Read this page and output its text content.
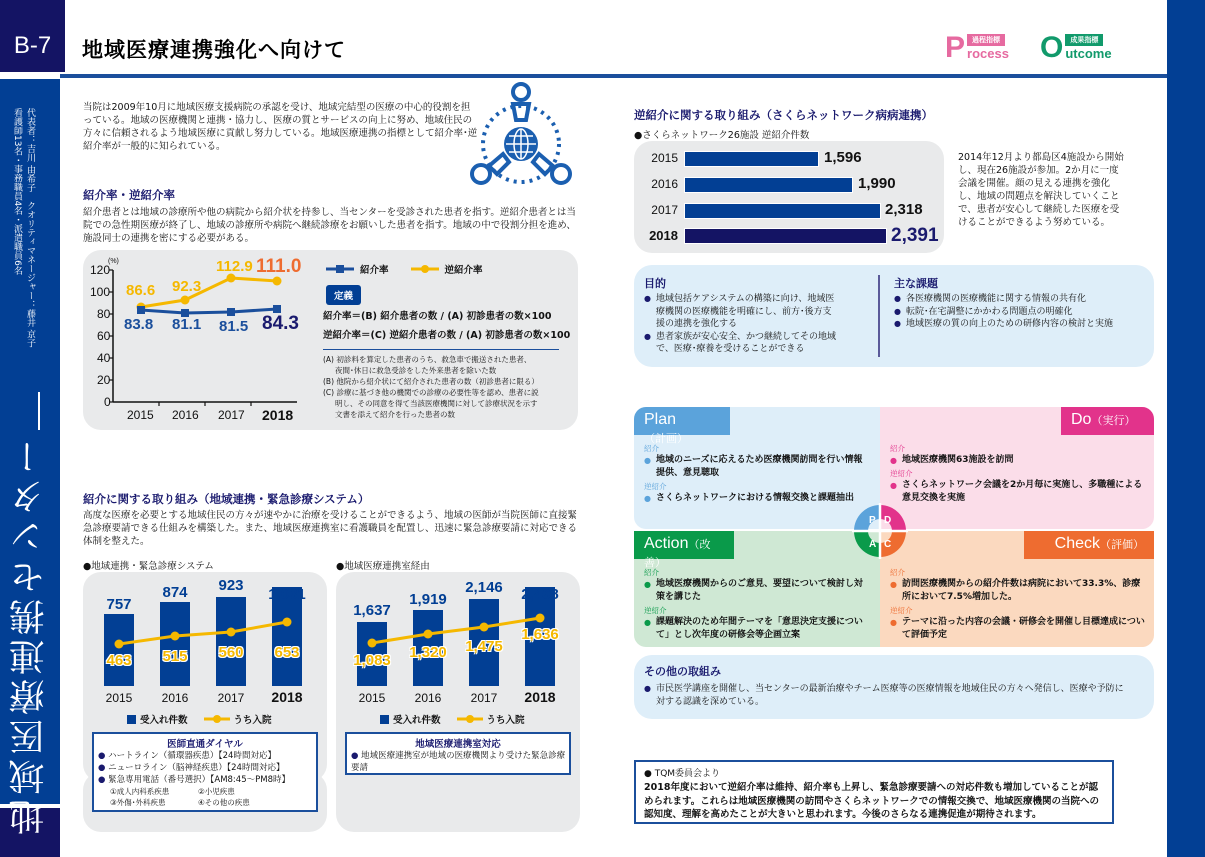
B-7
代表者：吉川 由希子　クオリティマネージャー：藤井 京子
看護師13名・事務職員4名・派遣職員6名
地域医療連携センター
地域医療連携強化へ向けて	P	過程指標
rocess O	成果指標
utcome
当院は2009年10月に地域医療支援病院の承認を受け、地域完結型の医療の中心的役割を担っている。地域の医療機関と連携・協力し、医療の質とサービスの向上に努め、地域住民の方々に信頼されるよう地域医療に貢献し努力している。地域医療連携の指標として紹介率･逆紹介率が一般的に知られている。
紹介率・逆紹介率
紹介患者とは地域の診療所や他の病院から紹介状を持参し、当センターを受診された患者を指す。逆紹介患者とは当院での急性期医療が終了し、地域の診療所や病院へ継続診療をお願いした患者を指す。地域の中で役割分担を進め、施設同士の連携を密にする必要がある。
(%)
120
100
80
60
40
20
0
2015 2016 2017 2018
86.6 92.3
112.9 111.0
83.8 81.1 81.5 84.3
紹介率	逆紹介率
定義
紹介率＝(B) 紹介患者の数 / (A) 初診患者の数×100
逆紹介率＝(C) 逆紹介患者の数 / (A) 初診患者の数×100
(A) 初診料を算定した患者のうち、救急車で搬送された患者、
夜間･休日に救急受診をした外来患者を除いた数
(B) 他院から紹介状にて紹介された患者の数（初診患者に限る）
(C) 診療に基づき他の機関での診療の必要性等を認め、患者に説
明し、その同意を得て当該医療機関に対して診療状況を示す
文書を添えて紹介を行った患者の数
紹介に関する取り組み（地域連携・緊急診療システム）
高度な医療を必要とする地域住民の方々が速やかに治療を受けることができるよう、地域の医師が当院医師に直接緊急診療要請できる仕組みを構築した。また、地域医療連携室に看護職員を配置し、迅速に緊急診療要請に対応できる体制を整えた。
●地域連携・緊急診療システム	●地域医療連携室経由
757
874	923
1,031
463	515	560	653
2015	2016	2017	2018
受入れ件数	うち入院
医師直通ダイヤル
● ハートライン（循環器疾患）【24時間対応】
● ニューロライン（脳神経疾患）【24時間対応】
● 緊急専用電話（番号選択）【AM8:45～PM8時】
①成人内科系疾患	②小児疾患
③外傷･外科疾患	④その他の疾患
1,637
1,919
2,146	2,468
1,083	1,320	1,475
1,636
2015	2016	2017	2018
受入れ件数	うち入院
地域医療連携室対応
● 地域医療連携室が地域の医療機関より受けた緊急診療要請
逆紹介に関する取り組み（さくらネットワーク病病連携）
●さくらネットワーク26施設 逆紹介件数
2015
2016
2017
2018
1,596
1,990
2,318
2,391
2014年12月より都島区4施設から開始し、現在26施設が参加。2か月に一度会議を開催。顔の見える連携を強化し、地域の問題点を解決していくことで、患者が安心して継続した医療を受けることができるよう努めている。
目的
● 地域包括ケアシステムの構築に向け、地域医療機関の医療機能を明確にし、前方･後方支援の連携を強化する
● 患者家族が安心安全、かつ継続してその地域で、医療･療養を受けることができる
主な課題
● 各医療機関の医療機能に関する情報の共有化
● 転院･在宅調整にかかわる問題点の明確化
● 地域医療の質の向上のための研修内容の検討と実施
Plan（計画）
紹介
● 地域のニーズに応えるため医療機関訪問を行い情報提供、意見聴取
逆紹介
● さくらネットワークにおける情報交換と課題抽出
Do（実行）
紹介
● 地域医療機関63施設を訪問
逆紹介
● さくらネットワーク会議を2か月毎に実施し、多職種による意見交換を実施
Action（改善）
紹介
● 地域医療機関からのご意見、要望について検討し対策を講じた
逆紹介
● 課題解決のため年間テーマを「意思決定支援について」とし次年度の研修会等企画立案
Check（評価）
紹介
● 訪問医療機関からの紹介件数は病院において33.3%、診療所において7.5%増加した。
逆紹介
● テーマに沿った内容の会議・研修会を開催し目標達成について評価予定
P D
A C
その他の取組み
● 市民医学講座を開催し、当センターの最新治療やチーム医療等の医療情報を地域住民の方々へ発信し、医療や予防に対する認識を深めている。
● TQM委員会より
2018年度において逆紹介率は維持、紹介率も上昇し、緊急診療要請への対応件数も増加していることが認められます。これらは地域医療機関の訪問やさくらネットワークでの情報交換で、地域医療機関の当院への認知度、理解を高めたことが大きいと思われます。今後のさらなる連携促進が期待されます。
